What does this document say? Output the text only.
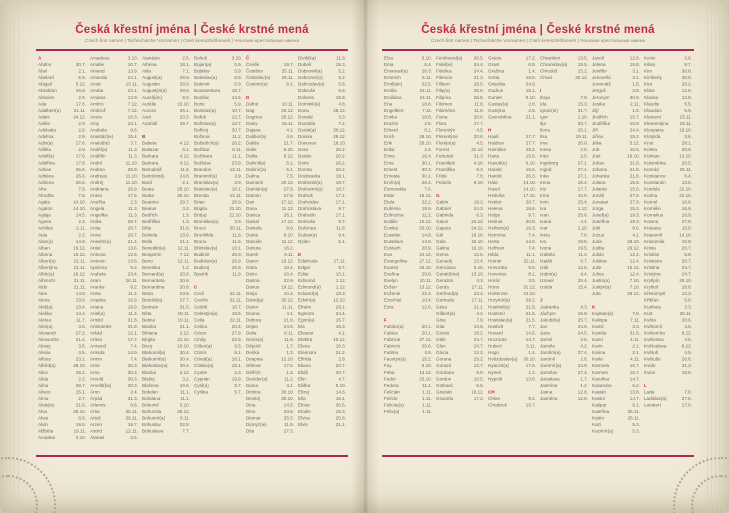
Česká křestní jména | České krstné mená
Czech first names | Tschechische Vornamen | Cseh keresztelőnevek | Чешские крестильные имена
A
Abdon	30.7.
Ábel	2.1.
Abelard	5.9.
Abigail	5.12.
Abrahám 16.8.
Absolon	2.9.
Ada	17.6.
Adalbert(a) 21.11.
Adam	24.12.
Adéla	2.9.
Adelaida 2.9.
Adelína	2.9.
Adin(a) 17.6.
Adléta	2.9.
Adolf(a) 17.6.
Adolfína 17.6.
Adrian	26.6.
Adriána 26.6.
Adriena 26.6.
Afra	7.8.
Afrodita	7.8.
Agáta	14.10.
Agaton 14.10.
Aglaja	14.5.
Agnes	2.3.
Achiles	2.11.
Aida	2.2.
Alan(a) 14.8.
Alban	16.12.
Albena 16.12.
Albert(a) 21.11.
Albertýna 21.11.
Albín(a) 16.12.
Albrecht 21.11.
Aldo	21.11.
Alen	14.8.
Alena	13.8.
Aleš(a)	13.4.
Aleška	13.4.
Aletea	11.7.
Alex(a)	3.5.
Alexandr 27.2.
Alexandra 21.4.
Alexej	3.5.
Alexia	3.5.
Alfons	23.1.
Alfréd(a) 28.10.
Alice	15.1.
Alida	2.2.
Alina	28.7.
Alison	15.1.
Alma	2.7.
Alois(ie) 21.6.
Alva	28.10.
Alvar	8.9.
Alvin	19.5.
Alžběta 19.11.
Amadea 3.10.
Amadeus 3.10.
Amálie	10.7.
Amand	13.9.
Amanda 24.1.
Amát	13.11.
Amáta	24.1.
Amatus 13.9.
Ambro	7.12.
Ambrož 7.12.
Ámos	16.3.
Amy	24.1.
Anabela	9.6.
Anastáz(ie) 15.4.
Anatol(ie) 3.7.
Anděl(a) 11.3.
Andělín 11.3.
André	11.10.
Andrea 26.9.
Andreas 11.10.
Andrej 11.10.
Andriana 26.9.
Aneta	17.5.
Anežka	2.3.
Angela	11.3.
Angelika 11.3.
Anika	26.7.
Anita	26.7.
Anna	26.7.
Anselm(a) 21.4.
Antal	13.6.
Antonia 12.6.
Antonín 13.6.
Apolena	9.2.
Arabela 23.4.
Aram	26.11.
Aranka	8.2.
Areta	11.4.
Ariadna 16.9.
Ariana	18.9.
Ariel(a)	11.4.
Aristid	31.8.
Aristoteles 31.8.
Arkád	12.1.
Arleta	17.7.
Armand	7.4.
Armida	14.9.
Armin	7.4.
Arne	30.3.
Arno	30.3.
Arnold	30.3.
Arnošt(ka) 30.3.
Áron	2.4.
Árpád	31.3.
Artemis	8.6.
Artur	26.11.
Artuš	26.11.
Arzen	19.7.
Astrid	12.11.
Atanas	2.5.
Atanázie 2.5.
Athéna	18.1.
Atila	7.1.
August(a) 28.8.
Augustin 28.8.
Augustýn(a) 28.8.
Aurel(ián) 8.5.
Aurélie 15.10.
Aurora	26.1.
Axel	23.3.
Azariáš 29.7.
B
Babeta	4.12.
Baltazar	6.1.
Barbara 4.12.
Barbora 4.12.
Barnabáš 11.6.
Bartoloměj 24.8.
Bazil	2.1.
Beata	25.10.
Beáta	25.10.
Beatrice 29.7.
Beatus	3.2.
Bedřich	1.3.
Bedřiška 1.3.
Běla	31.8.
Belinda 13.9.
Bella	21.1.
Benedikt(a) 12.11.
Benjamín 7.12.
Beno	12.11.
Berenika 1.2.
Bernard(a) 20.8.
Bernardeta 20.8.
Bernardina 20.8.
Berta	23.9.
Bertold(a) 27.7.
Bertram 31.5.
Běta	19.11.
Betina 19.11.
Bianka	21.1.
Bibiana 2.12.
Birgita 21.10.
Bivoj	10.10.
Blahomil(a) 30.4.
Blahomír(a) 30.4.
Blahoslav(a) 30.4.
Blanka	2.12.
Blažej	3.2.
Blažena 10.5.
Bohdan 11.1.
Bohdana 11.1.
Bohumil 3.10.
Bohumila 28.12.
Bohumír(a) 8.11.
Bohuslav 22.8.
Bohuslava 7.7.
Bohuš	3.10.
Bojan(a) 5.9.
Bojislav	5.9.
Boleslav(a) 6.9.
Bolemír	6.9.
Bonaventura 15.7.
Bonifác 14.5.
Boris	5.9.
Borislav(a) 10.7.
Bořek	12.7.
Bořislav(a) 12.7.
Bořivoj	30.7.
Božena 11.2.
Božetěch(a) 26.2.
Božidar 9.11.
Božidara 11.1.
Božislav 23.8.
Brandon 13.11.
Branimír(a) 3.9.
Branislav(a) 3.9.
Bratislav(a) 10.1.
Brenda 13.11.
Brian	28.9.
Brigita 21.10.
Brit(a) 21.10.
Bronislav(a) 3.9.
Bruce	30.11.
Brunhilda 11.6.
Bruno	11.6.
Břetislav(a) 10.1.
Budimír 26.9.
Budislav(a) 26.9.
Budivoj 26.9.
Bystrík	11.9.
C
Cecil	22.11.
Cecílie 22.11.
Cedrik	16.7.
Celestýn(a) 19.5.
Celia	22.11.
Celina	20.4.
Cézar	27.8.
Cindy	22.9.
Ctibor(a) 9.5.
Ctimír	8.1.
Ctirad(a) 16.1.
Ctislav(a) 16.1.
Cyntie	2.3.
Cyprián 19.9.
Cyril(a)	5.7.
Cyrilka	5.7.
Č
Čeněk	19.7.
Čestibor 25.11.
Čestislav(a) 25.11.
Čestmír(a) 9.1.
D
Dafné	10.11.
Dag	20.12.
Dagmar 20.12.
Daisy	16.11.
Dajana	4.1.
Dalibor(a) 4.6.
Dalida	21.7.
Dalie	5.10.
Dalila	9.12.
Dalimil(a) 5.1.
Dalimír(a) 5.1.
Dalma	7.5.
Damaris 20.12.
Damián(a) 27.9.
Damon 27.9.
Dan	17.12.
Dana	11.12.
Danica	26.1.
Daniel 17.12.
Daniela	9.9.
Dante	6.10.
Danuše 11.12.
Danuta 16.2.
Darek	9.11.
Daren 19.12.
Dária	10.4.
Dário	10.4.
Darina	22.9.
Darius 19.12.
Darja	10.4.
Dávid(a) 30.12.
Davor	11.11.
Deana	4.1.
Debora 21.9.
Dejan	24.6.
Delia	8.11.
Denis(a) 11.9.
Děpold	1.7.
Derika	1.3.
Despina 12.10.
Dětmar 17.5.
Dětřich	1.3.
Dezider(a) 11.2.
Diana	4.1.
Dimitra 30.10.
Dimitrij 30.10.
Dina	14.5.
Dino	20.6.
Diomar 25.3.
Dionýz(ie) 11.9.
Dita	27.3.
Diviš(ka) 11.9.
Dobeš	15.3.
Dobromil(a) 5.2.
Dobromír(a) 5.2.
Dobroslav(a) 5.6.
Dobruše 5.6.
Dolores 15.9.
Dominik(a) 4.8.
Dona	28.12.
Donald	3.3.
Donalda	7.2.
Donát(a) 30.12.
Donika 28.12.
Donovan 18.10.
Dora	26.2.
Dorián	20.2.
Doris	26.2.
Dorota	26.2.
Doubravka 19.1.
Drahomil(a) 18.7.
Drahomír(a) 18.7.
Drahoš 17.1.
Drahoslav 17.1.
Drahoslava 9.7.
Drahotín 17.1.
Drahuše 9.7.
Dulcinea 11.8.
Dušan(a) 9.4.
Dylan	5.1.
E
Edeltruda 17.11.
Edgar	8.7.
Edita	10.1.
Edmond 1.12.
Edmund(a) 1.12.
Eduard(a) 18.3.
Edvín(a) 12.10.
Efraim	28.1.
Egmont 24.4.
Egon(a) 15.7.
Ela	16.3.
Eleazar	4.1.
Elektra 10.12.
Elena	16.3.
Eleonora 21.2.
Elfrída	2.8.
Eliana	20.7.
Eliáš	20.7.
Elin	4.7.
Eliška	5.10.
Elizej	14.6.
Ella	16.1.
Elmar	30.5.
Elodie	16.3.
Elvíra	25.8.
Elvis	21.1.
Česká křestní jména | České krstné mená
Czech first names | Tschechische Vornamen | Cseh keresztelőnevek | Чешские крестильные имена
Elza	5.10.
Ema	8.4.
Emanuel(a) 26.3.
Emerich 5.11.
Emil(ián) 22.5.
Emílie 24.11.
Emiliána 24.11.
Ena	18.8.
Engelbert 7.11.
Enrika	18.8.
Erazim	2.6.
Erhard	8.1.
Erich	26.10.
Erik	26.10.
Erika	2.4.
Erina	16.4.
Erna	30.1.
Ernest	30.3.
Ernesta 30.1.
Ervín(a) 26.4.
Esmeralda 7.6.
Ester	19.12.
Etela	22.2.
Eufémie 18.9.
Eufrozína 11.2.
Eulálie 10.12.
Eunika 20.10.
Eusebie 14.8.
Eusebius 14.8.
Eustach 20.9.
Eva	24.12.
Evangelína 27.12.
Evarist 26.10.
Evelína 29.8.
Evelyn 10.11.
Evžen 13.12.
Evženie 22.4.
Ezechiel 10.4.
Ezra	12.6.
F
Fabián(a) 20.1.
Fabius	20.1.
Fabricie 27.12.
Fabricio 26.6.
Fatima	4.6.
Faustýn(a) 15.2.
Fay	5.10.
Feba	13.12.
Fedor	25.10.
Fedora	11.1.
Felicián 1.11.
Felície	1.11.
Felicita(s) 1.11.
Felix(a) 1.11.
Ferdinand(a) 30.5.
Fidel(ie) 24.4.
Fidelius 24.4.
Filemon 21.3.
Filibert	26.5.
Filip(a)	26.5.
Filipína 26.5.
Filomen 11.8.
Filoména 11.8.
Fiona	20.6.
Flora	17.7.
Florentýn 4.5.
Florentýna 20.6.
Florián(a) 4.5.
Forest 31.12.
Fortunát 31.3.
František 4.10.
Františka 9.3.
Frída	7.8.
Fridolín 9.10.
G
Gabin	19.2.
Gabriel 24.3.
Gabriela 8.3.
Gaius	24.12.
Gajana 24.12.
Gál	16.10.
Gala	16.10.
Galina 16.10.
Gema	12.5.
Genadij 13.4.
Genciána 5.10.
Gerald(ína) 13.10.
Gerazim 4.3.
Gerda 17.11.
Gerhard(a) 23.4.
Gertruda 17.11.
Géza	21.1.
Gilbert(a) 4.2.
Gina	7.9.
Gita	10.6.
Gizela	18.2.
Gleb	24.7.
Glen	24.7.
Gloria	12.2.
Gorana 29.2.
Gorazd 12.7.
Gordana 9.9.
Gordon 10.5.
Gothard	5.5.
Gracián 18.12.
Graciela 17.2.
Grácie	17.2.
Grant	6.9.
Gražina	1.4.
Gréta	18.6.
Griselda 24.9.
Gudrun 15.1.
Gunter	9.10.
Gustav(a) 2.8.
Gustýna	2.8.
Gvendolína 21.1.
H
Haidi	27.7.
Haidrun 27.7.
Hamilton 29.2.
Hana	15.8.
Hanuš(e) 6.10.
Harald	15.5.
Harold	26.3.
Háta	14.10.
Havel	14.10.
Hedvika 17.10.
Hektor	28.7.
Helena	18.8.
Helga	9.7.
Helmut	20.9.
Herbert(a) 16.3.
Hermína 7.4.
Herta	14.6.
Heřman	7.4.
Hilda	11.1.
Homér 22.11.
Honoráta 9.5.
Honorius 8.1.
Horác	3.5.
Horst	31.12.
Hortenzie 24.10.
Horymír(a) 29.2.
Hostimil(a) 21.5.
Hostimír 21.5.
Hostislav(a) 21.5.
Hostivít	7.7.
Hovard 14.5.
Hroznata 14.7.
Hubert	3.11.
Hugo	1.4.
Hvězdoslav(a) 30.10.
Hyacint(a) 17.8.
Hynek	1.2.
Hypolit	13.8.
CH
Chloe	9.2.
Chrabroš 19.7.
Chranibor 13.5.
Chranislav(a) 15.5.
Chrudoš 23.1.
Chval	30.12.
I
Iboja	7.8.
Ida	15.3.
Ignác(ie) 31.7.
Igor	1.10.
Ilja	20.7.
Ilona	20.1.
Ilsa	19.11.
Ima	20.9.
Inesa	2.5.
Inéz	2.5.
Ingeborg 27.1.
Ingrid	27.1.
Inka	27.1.
Irena	16.4.
Iris	17.7.
Irma	10.9.
Irvin	25.4.
Iva	1.12.
Ivan	25.6.
Ivana	4.4.
Ivar	1.10.
Iveta	7.6.
Ivo	19.5.
Ivona	19.5.
Izabela	11.4.
Izaiáš	6.7.
Izák	12.6.
Izidor(a)	4.4.
Izmael	25.4.
Izolda	15.4.
J
Jadranka 4.3.
Jáchym 16.8.
Jakub(ka) 25.7.
Jan	24.6.
Jana	24.5.
Jarmil	2.6.
Jarmila	4.2.
Jarolím(a) 27.4.
Jaromil	2.6.
Jaromír(a) 24.9.
Jaroslav 27.4.
Jaroslava 1.7.
Jasmína 1.2.
Jasna	12.8.
Jasněna 12.8.
Jasoň	12.6.
Jelena	18.8.
Jeniffer	3.1.
Jenovéfa 3.1.
Jeremiáš 1.5.
Jerguš	3.8.
Jeronym 30.9.
Jesika	2.11.
Jiljí	1.9.
Jindřich 15.7.
Jindřiška 10.9.
Jiří	24.4.
Jiřina	15.2.
Jitka	5.12.
Job	10.5.
Joel	19.10.
Johan	21.8.
Johana 21.8.
Johanka 21.8.
Jolana	15.6.
Jolanta 15.6.
Jonáš	27.9.
Jonatan 27.9.
Jorga	15.2.
Josef(a) 19.3.
Josefína 19.3.
Jošt	8.6.
Jozue	4.1.
Juda	28.10.
Judita 29.12.
Julián	12.4.
Juliána	12.4.
Julie	10.12.
Julius	12.4.
Justin(a) 7.10.
Justýn(a) 7.10.
Juta	29.12.
K
Kajetán(a) 7.8.
Kaliopa 7.11.
Kamil	3.3.
Kamila	31.5.
Karel	4.11.
Karin	2.1.
Karina	2.1.
Karla	4.11.
Karmela 16.7.
Karmen 16.7.
Karolína 14.7.
Kasandra 6.2.
Kasián	13.8.
Kastor	14.7.
Kašpar	6.1.
Kateřina 25.11.
Katrin	25.11.
Kazi	5.3.
Kazimír(a) 5.3.
Kevin	3.6.
Kilián	8.7.
Kim	30.8.
Kimberly 30.8.
Kira	28.2.
Klára	12.8.
Klarisa	12.8.
Klaudie	5.5.
Klaudius 5.5.
Klement 23.11.
Klementýna 23.11.
Kleopatra 19.10.
Klotylda	3.6.
Knut	28.1.
Koleta	20.9.
Kolman 13.10.
Kolombína 20.5.
Konrád 26.11.
Konstance 6.4.
Konstantin 13.5.
Kordula 22.10.
Korina 22.10.
Kornel	16.9.
Kornélie 16.9.
Kornelius 16.9.
Kosma	27.9.
Krasava 10.9.
Krasomil 14.10.
Krasomila 10.9.
Krista	26.7.
Kristián	5.8.
Kristiána 26.7.
Kristina 24.7.
Kristýna 24.7.
Kryšpín 25.10.
Kryštof	18.9.
Křesomysl 12.3.
Křišťan	5.8.
Kunhuta	3.3.
Kurt	26.11.
Květa	20.6.
Květomír 4.5.
Květomíra 8.12.
Květoslav 4.5.
Květoslava 8.12.
Květuš	4.5.
Květuše 20.6.
Kvido	31.3.
Kvirin	16.6.
L
Lada	7.8.
Ladislav(a) 27.6.
Lambert 17.9.
